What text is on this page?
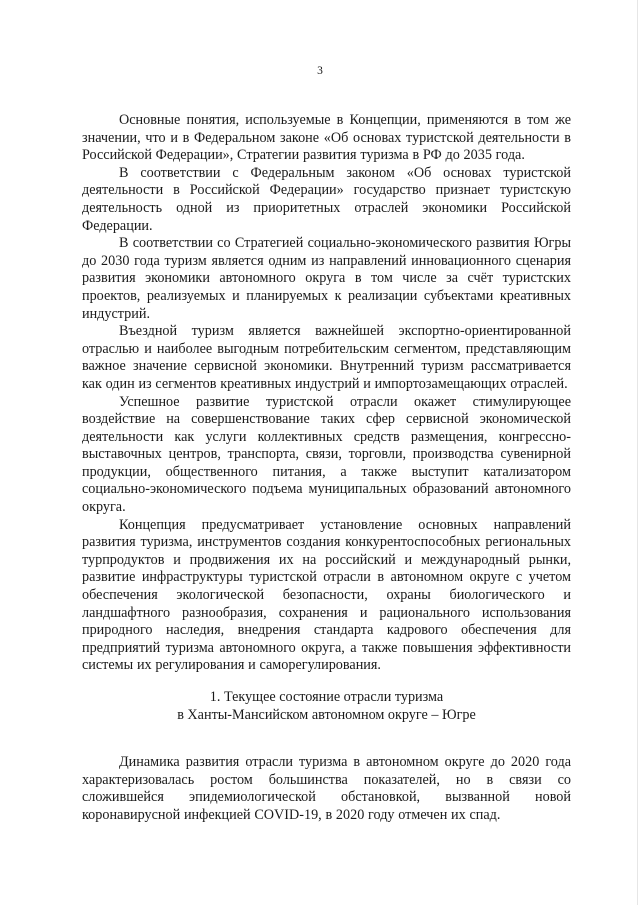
3

Основные понятия, используемые в Концепции, применяются в том же значении, что и в Федеральном законе «Об основах туристской деятельности в Российской Федерации», Стратегии развития туризма в РФ до 2035 года.

В соответствии с Федеральным законом «Об основах туристской деятельности в Российской Федерации» государство признает туристскую деятельность одной из приоритетных отраслей экономики Российской Федерации.

В соответствии со Стратегией социально-экономического развития Югры до 2030 года туризм является одним из направлений инновационного сценария развития экономики автономного округа в том числе за счёт туристских проектов, реализуемых и планируемых к реализации субъектами креативных индустрий.

Въездной туризм является важнейшей экспортно-ориентированной отраслью и наиболее выгодным потребительским сегментом, представляющим важное значение сервисной экономики. Внутренний туризм рассматривается как один из сегментов креативных индустрий и импортозамещающих отраслей.

Успешное развитие туристской отрасли окажет стимулирующее воздействие на совершенствование таких сфер сервисной экономической деятельности как услуги коллективных средств размещения, конгрессно-выставочных центров, транспорта, связи, торговли, производства сувенирной продукции, общественного питания, а также выступит катализатором социально-экономического подъема муниципальных образований автономного округа.

Концепция предусматривает установление основных направлений развития туризма, инструментов создания конкурентоспособных региональных турпродуктов и продвижения их на российский и международный рынки, развитие инфраструктуры туристской отрасли в автономном округе с учетом обеспечения экологической безопасности, охраны биологического и ландшафтного разнообразия, сохранения и рационального использования природного наследия, внедрения стандарта кадрового обеспечения для предприятий туризма автономного округа, а также повышения эффективности системы их регулирования и саморегулирования.

1. Текущее состояние отрасли туризма
в Ханты-Мансийском автономном округе – Югре

Динамика развития отрасли туризма в автономном округе до 2020 года характеризовалась ростом большинства показателей, но в связи со сложившейся эпидемиологической обстановкой, вызванной новой коронавирусной инфекцией COVID-19, в 2020 году отмечен их спад.
